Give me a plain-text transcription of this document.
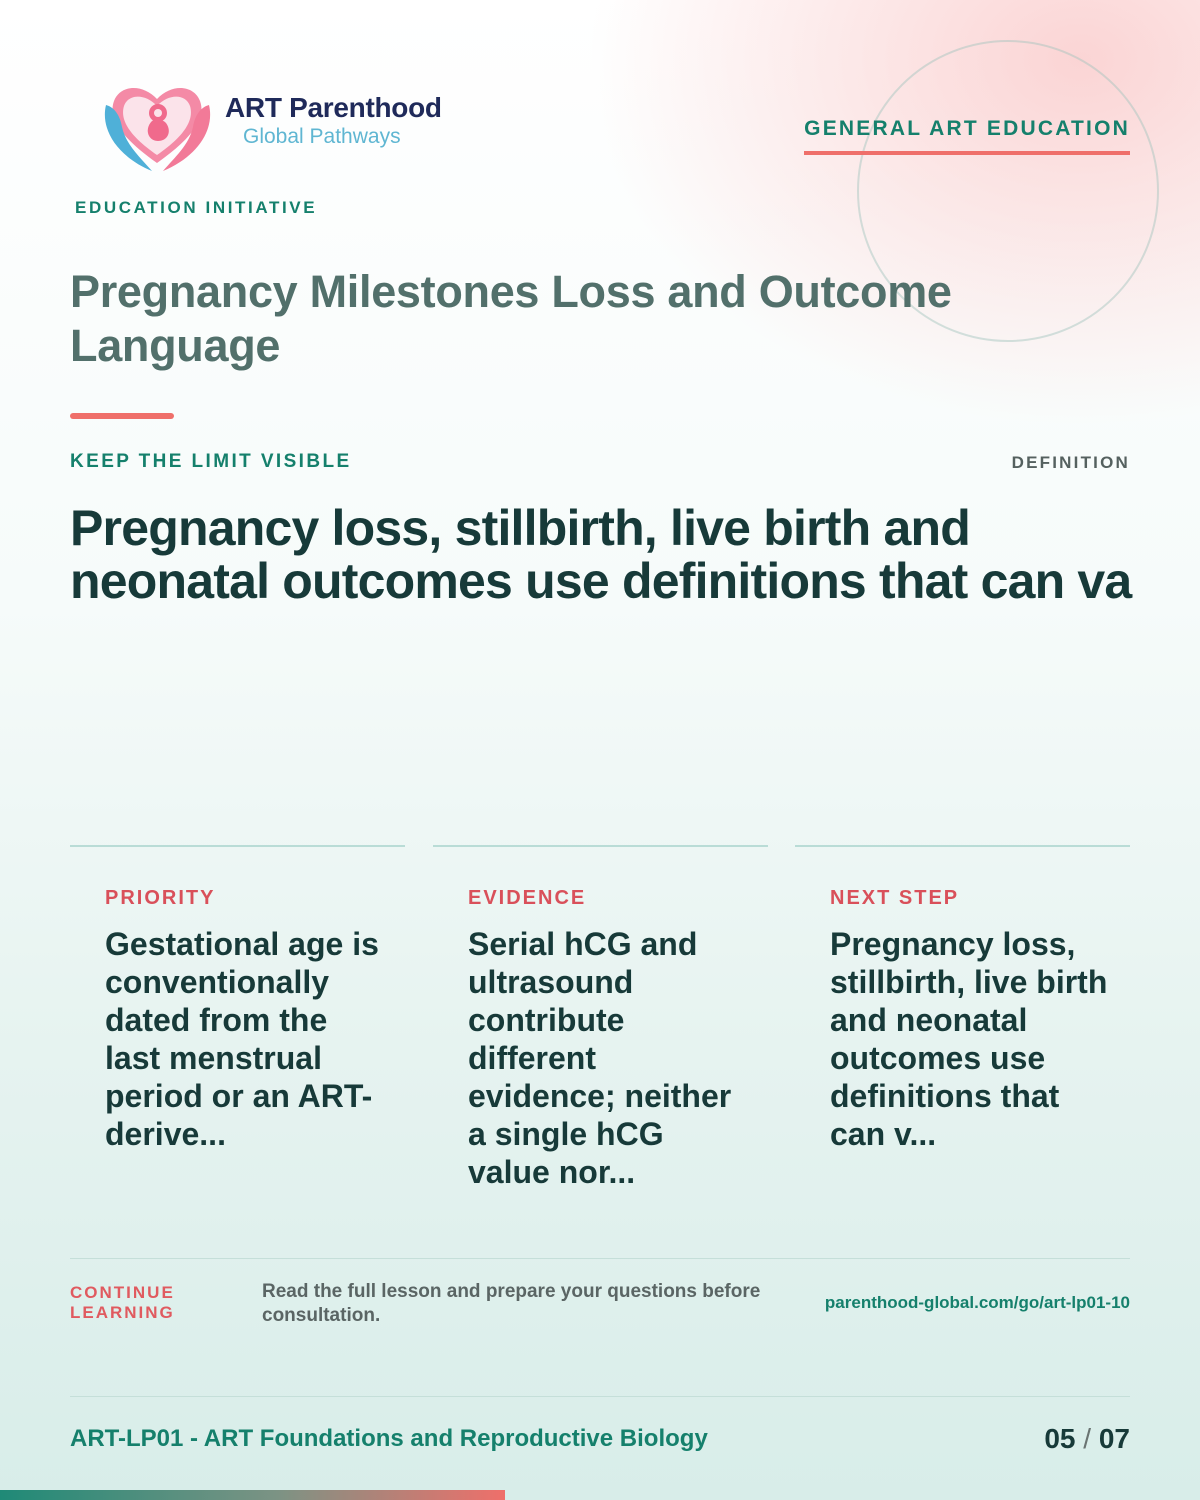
ART Parenthood
Global Pathways
EDUCATION INITIATIVE
GENERAL ART EDUCATION
Pregnancy Milestones Loss and Outcome Language
KEEP THE LIMIT VISIBLE	DEFINITION
Pregnancy loss, stillbirth, live birth and
neonatal outcomes use definitions that can va
PRIORITY
Gestational age is conventionally dated from the last menstrual period or an ART-derive...
EVIDENCE
Serial hCG and ultrasound contribute different evidence; neither a single hCG value nor...
NEXT STEP
Pregnancy loss, stillbirth, live birth and neonatal outcomes use definitions that can v...
CONTINUE LEARNING
Read the full lesson and prepare your questions before consultation.
parenthood-global.com/go/art-lp01-10
ART-LP01 - ART Foundations and Reproductive Biology	05 / 07
